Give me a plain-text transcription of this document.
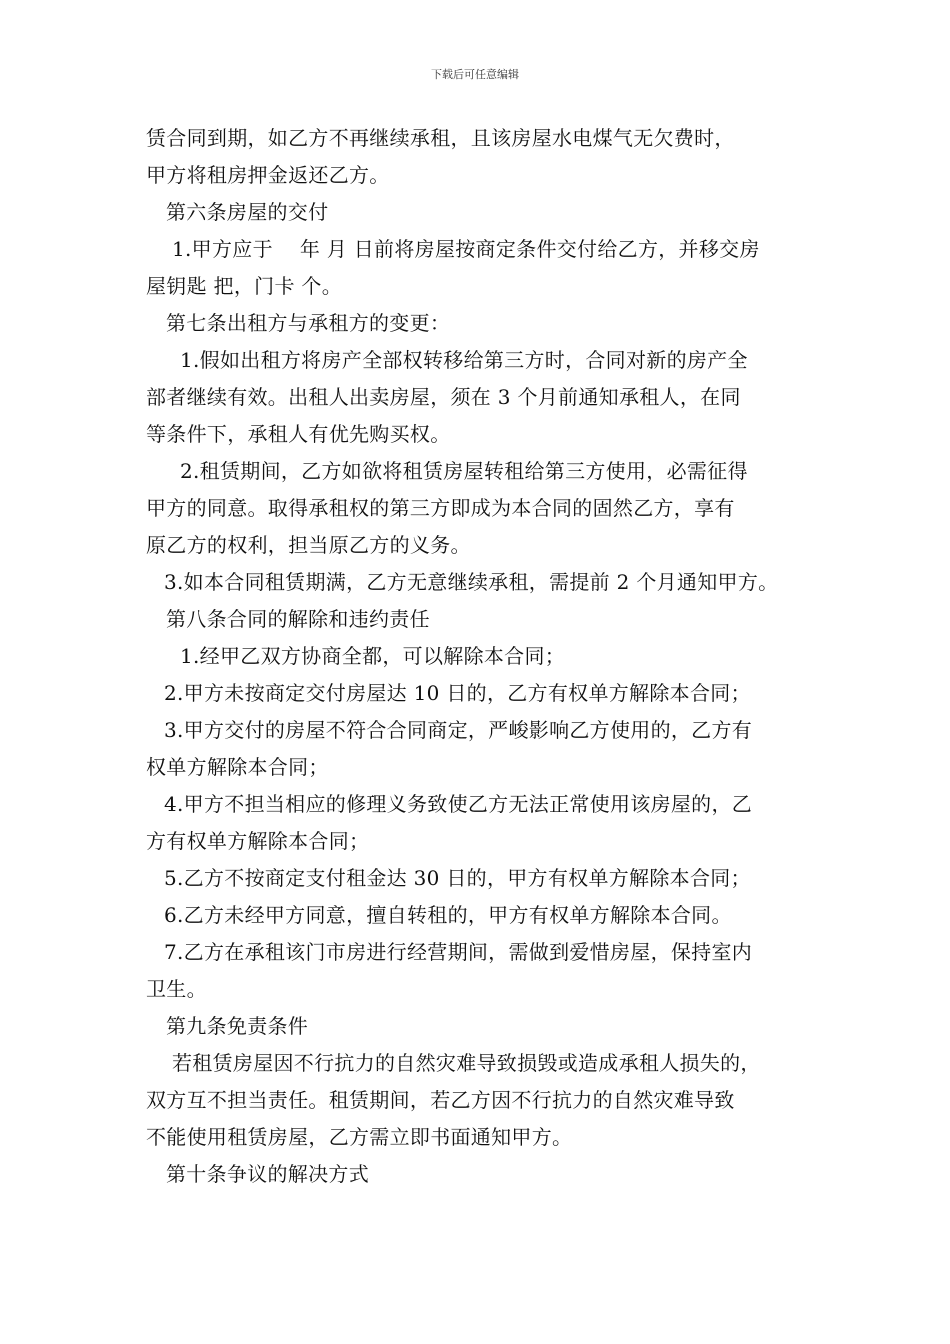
下载后可任意编辑
赁合同到期，如乙方不再继续承租，且该房屋水电煤气无欠费时，
甲方将租房押金返还乙方。
第六条房屋的交付
1.甲方应于　 年 月 日前将房屋按商定条件交付给乙方，并移交房
屋钥匙 把，门卡 个。
第七条出租方与承租方的变更：
1.假如出租方将房产全部权转移给第三方时，合同对新的房产全
部者继续有效。出租人出卖房屋，须在 3 个月前通知承租人，在同
等条件下，承租人有优先购买权。
2.租赁期间，乙方如欲将租赁房屋转租给第三方使用，必需征得
甲方的同意。取得承租权的第三方即成为本合同的固然乙方，享有
原乙方的权利，担当原乙方的义务。
3.如本合同租赁期满，乙方无意继续承租，需提前 2 个月通知甲方。
第八条合同的解除和违约责任
1.经甲乙双方协商全都，可以解除本合同；
2.甲方未按商定交付房屋达 10 日的，乙方有权单方解除本合同；
3.甲方交付的房屋不符合合同商定，严峻影响乙方使用的，乙方有
权单方解除本合同；
4.甲方不担当相应的修理义务致使乙方无法正常使用该房屋的，乙
方有权单方解除本合同；
5.乙方不按商定支付租金达 30 日的，甲方有权单方解除本合同；
6.乙方未经甲方同意，擅自转租的，甲方有权单方解除本合同。
7.乙方在承租该门市房进行经营期间，需做到爱惜房屋，保持室内
卫生。
第九条免责条件
若租赁房屋因不行抗力的自然灾难导致损毁或造成承租人损失的，
双方互不担当责任。租赁期间，若乙方因不行抗力的自然灾难导致
不能使用租赁房屋，乙方需立即书面通知甲方。
第十条争议的解决方式
